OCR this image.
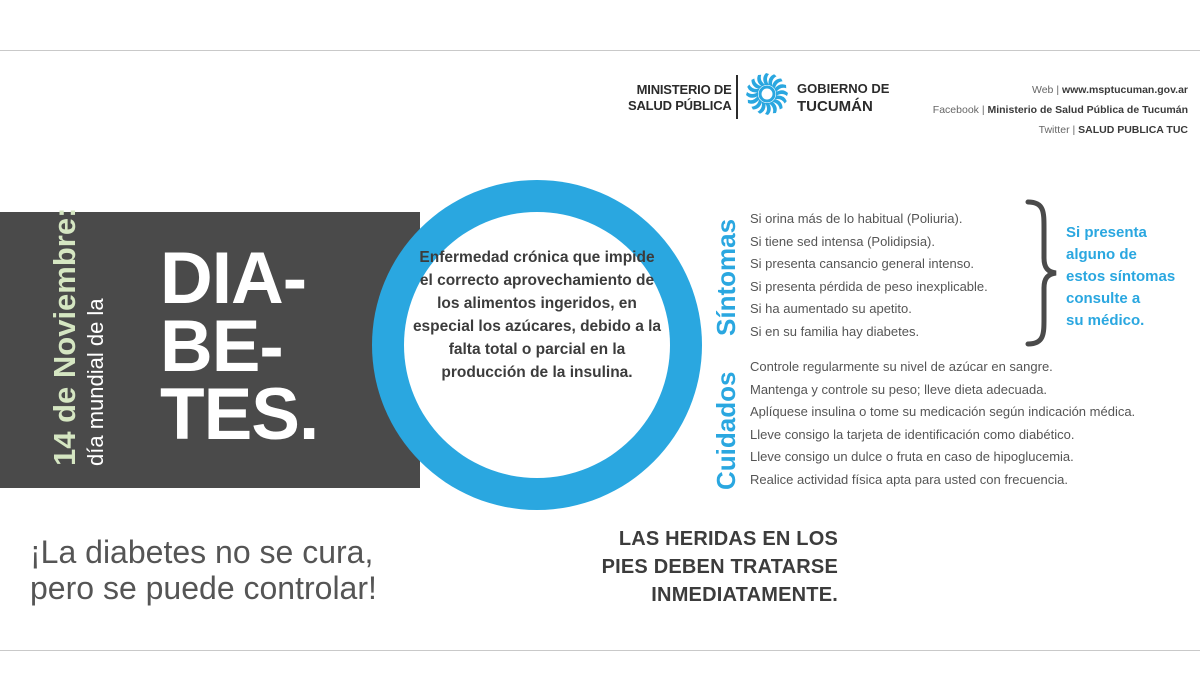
MINISTERIO DE
SALUD PÚBLICA
GOBIERNO DE
TUCUMÁN
Web | www.msptucuman.gov.ar
Facebook | Ministerio de Salud Pública de Tucumán
Twitter | SALUD PUBLICA TUC
14 de Noviembre: día mundial de la
DIA-
BE-
TES.
Enfermedad crónica que impide el correcto aprovechamiento de los alimentos ingeridos, en especial los azúcares, debido a la falta total o parcial en la producción de la insulina.
Síntomas
Si orina más de lo habitual (Poliuria).
Si tiene sed intensa (Polidipsia).
Si presenta cansancio general intenso.
Si presenta pérdida de peso inexplicable.
Si ha aumentado su apetito.
Si en su familia hay diabetes.
Si presenta
alguno de
estos síntomas
consulte a
su médico.
Cuidados
Controle regularmente su nivel de azúcar en sangre.
Mantenga y controle su peso; lleve dieta adecuada.
Aplíquese insulina o tome su medicación según indicación médica.
Lleve consigo la tarjeta de identificación como diabético.
Lleve consigo un dulce o fruta en caso de hipoglucemia.
Realice actividad física apta para usted con frecuencia.
¡La diabetes no se cura,
pero se puede controlar!
LAS HERIDAS EN LOS
PIES DEBEN TRATARSE
INMEDIATAMENTE.
